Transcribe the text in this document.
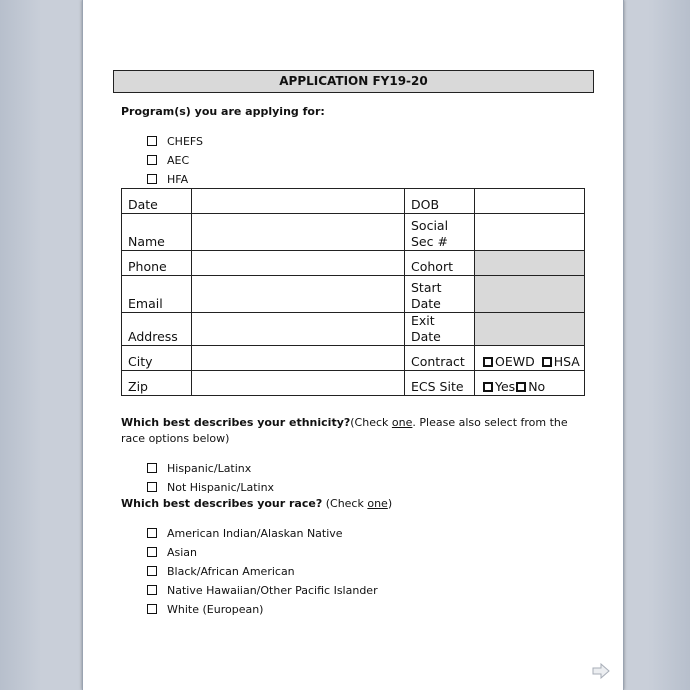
APPLICATION FY19-20
Program(s) you are applying for:
CHEFS
AEC
HFA
Date		DOB	
Name		Social Sec #	

Phone		Cohort	
Email		Start Date	

Address		Exit Date	
City		Contract	OEWD HSA
Zip		ECS Site	Yes No
Which best describes your ethnicity?(Check one. Please also select from the race options below)
Hispanic/Latinx
Not Hispanic/Latinx
Which best describes your race? (Check one)
American Indian/Alaskan Native
Asian
Black/African American
Native Hawaiian/Other Pacific Islander
White (European)
